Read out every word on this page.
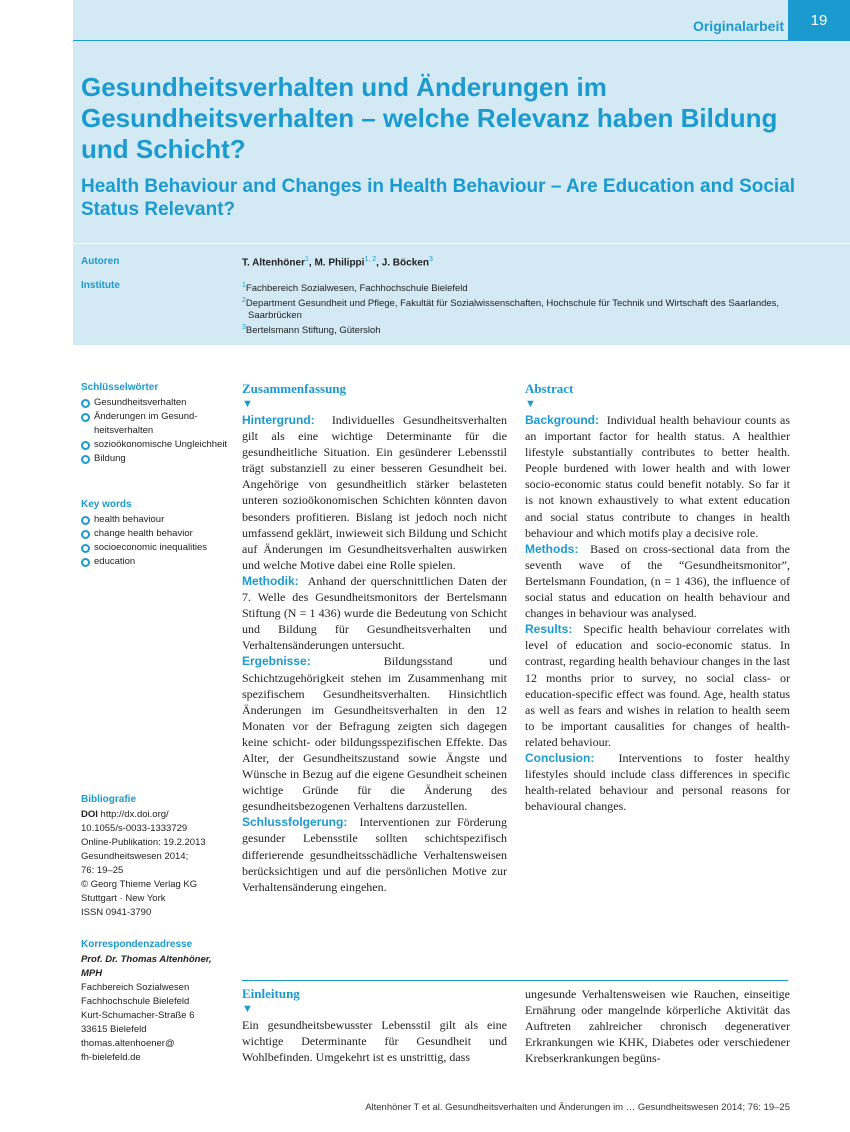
Originalarbeit	19
Gesundheitsverhalten und Änderungen im Gesundheitsverhalten – welche Relevanz haben Bildung und Schicht?
Health Behaviour and Changes in Health Behaviour – Are Education and Social Status Relevant?
Autoren	T. Altenhöner$^1$, M. Philippi$^{1, 2}$, J. Böcken$^3$
Institute	$^1$Fachbereich Sozialwesen, Fachhochschule Bielefeld
$^2$Department Gesundheit und Pflege, Fakultät für Sozialwissenschaften, Hochschule für Technik und Wirtschaft des Saarlandes, Saarbrücken
$^3$Bertelsmann Stiftung, Gütersloh
Schlüsselwörter
Gesundheitsverhalten
Änderungen im Gesund-heitsverhalten
sozioökonomische Ungleichheit
Bildung
Key words
health behaviour
change health behavior
socioeconomic inequalities
education
Bibliografie
DOI http://dx.doi.org/
10.1055/s-0033-1333729
Online-Publikation: 19.2.2013
Gesundheitswesen 2014;
76: 19–25
© Georg Thieme Verlag KG
Stuttgart · New York
ISSN 0941-3790
Korrespondenzadresse
Prof. Dr. Thomas Altenhöner, MPH
Fachbereich Sozialwesen
Fachhochschule Bielefeld
Kurt-Schumacher-Straße 6
33615 Bielefeld
thomas.altenhoener@
fh-bielefeld.de
Zusammenfassung
▼

Hintergrund: Individuelles Gesundheitsverhalten gilt als eine wichtige Determinante für die gesundheitliche Situation. Ein gesünderer Lebensstil trägt substanziell zu einer besseren Gesundheit bei. Angehörige von gesundheitlich stärker belasteten unteren sozioökonomischen Schichten könnten davon besonders profitieren. Bislang ist jedoch noch nicht umfassend geklärt, inwieweit sich Bildung und Schicht auf Änderungen im Gesundheitsverhalten auswirken und welche Motive dabei eine Rolle spielen.

Methodik: Anhand der querschnittlichen Daten der 7. Welle des Gesundheitsmonitors der Bertelsmann Stiftung (N = 1 436) wurde die Bedeutung von Schicht und Bildung für Gesundheitsverhalten und Verhaltensänderungen untersucht.

Ergebnisse:	Bildungsstand und Schichtzugehörigkeit stehen im Zusammenhang mit spezifischem Gesundheitsverhalten. Hinsichtlich Änderungen im Gesundheitsverhalten in den 12 Monaten vor der Befragung zeigten sich dagegen keine schicht- oder bildungsspezifischen Effekte. Das Alter, der Gesundheitszustand sowie Ängste und Wünsche in Bezug auf die eigene Gesundheit scheinen wichtige Gründe für die Änderung des gesundheitsbezogenen Verhaltens darzustellen.

Schlussfolgerung: Interventionen zur Förderung gesunder Lebensstile sollten schichtspezifisch differierende gesundheitsschädliche Verhaltensweisen berücksichtigen und auf die persönlichen Motive zur Verhaltensänderung eingehen.

Abstract
▼

Background: Individual health behaviour counts as an important factor for health status. A healthier lifestyle substantially contributes to better health. People burdened with lower health and with lower socio-economic status could benefit notably. So far it is not known exhaustively to what extent education and social status contribute to changes in health behaviour and which motifs play a decisive role.

Methods: Based on cross-sectional data from the seventh wave of the “Gesundheitsmonitor”, Bertelsmann Foundation, (n = 1 436), the influence of social status and education on health behaviour and changes in behaviour was analysed.

Results: Specific health behaviour correlates with level of education and socio-economic status. In contrast, regarding health behaviour changes in the last 12 months prior to survey, no social class- or education-specific effect was found. Age, health status as well as fears and wishes in relation to health seem to be important causalities for changes of health-related behaviour.

Conclusion: Interventions to foster healthy lifestyles should include class differences in specific health-related behaviour and personal reasons for behavioural changes.

Einleitung
▼

Ein gesundheitsbewusster Lebensstil gilt als eine wichtige Determinante für Gesundheit und Wohlbefinden. Umgekehrt ist es unstrittig, dass

ungesunde Verhaltensweisen wie Rauchen, einseitige Ernährung oder mangelnde körperliche Aktivität das Auftreten zahlreicher chronisch degenerativer Erkrankungen wie KHK, Diabetes oder verschiedener Krebserkrankungen begüns-

Altenhöner T et al. Gesundheitsverhalten und Änderungen im … Gesundheitswesen 2014; 76: 19–25
